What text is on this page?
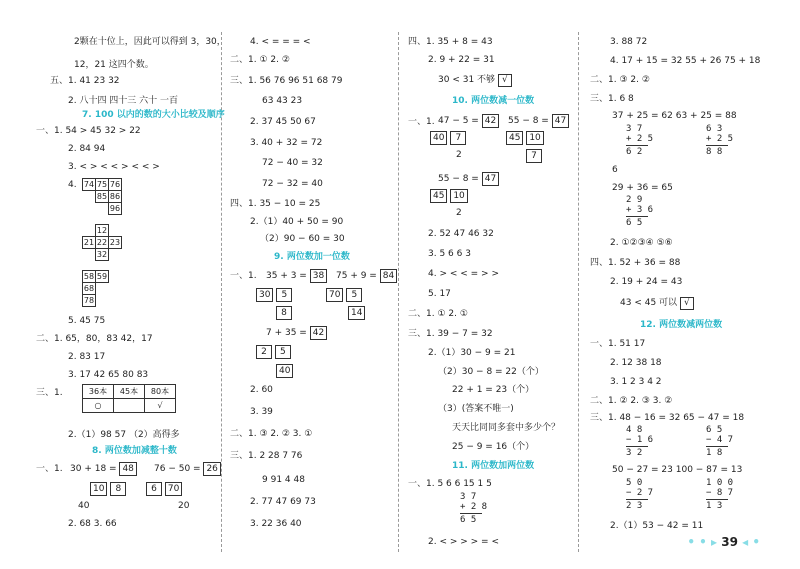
2颗在十位上，因此可以得到 3，30，
12，21 这四个数。
五、1. 41 23 32
2. 八十四 四十三 六十 一百
7. 100 以内的数的大小比较及顺序
一、1. 54 > 45 32 > 22
2. 84 94
3. < > < < > < < >
4. 74	75	76
	85	86
		96
	12	
21	22	23
	32	
58	59
68	
78	
5. 45 75
二、1. 65，80，83 42，17
2. 83 17
3. 17 42 65 80 83
三、1.	36本	45本	80本
○		√
2.（1）98 57 （2）高得多
8. 两位数加减整十数
一、1. 30 + 18 = 48
10 8
40
76 − 50 = 26
6 70
20
2. 68 3. 66
4. < = = = <
二、1. ① 2. ②
三、1. 56 76 96 51 68 79
63 43 23
2. 37 45 50 67
3. 40 + 32 = 72
72 − 40 = 32
72 − 32 = 40
四、1. 35 − 10 = 25
2.（1）40 + 50 = 90
（2）90 − 60 = 30
9. 两位数加一位数
一、1. 35 + 3 = 38
30 5
8
75 + 9 = 84
70 5
14
7 + 35 = 42
2 5
40
2. 60
3. 39
二、1. ③ 2. ② 3. ①
三、1. 2 28 7 76
9 91 4 48
2. 77 47 69 73
3. 22 36 40
四、1. 35 + 8 = 43
2. 9 + 22 = 31
30 < 31 不够 √
10. 两位数减一位数
一、1. 47 − 5 = 42
40 7
2
55 − 8 = 47
45 10
7
55 − 8 = 47
45 10
2
2. 52 47 46 32
3. 5 6 6 3
4. > < < = > >
5. 17
二、1. ① 2. ①
三、1. 39 − 7 = 32
2.（1）30 − 9 = 21
（2）30 − 8 = 22（个）
22 + 1 = 23（个）
（3）(答案不唯一)
天天比同同多套中多少个？
25 − 9 = 16（个）
11. 两位数加两位数
一、1. 5 6 6 15 1 5
3 7
+ 2 8
6 5
2. < > > > = <
3. 88 72
4. 17 + 15 = 32 55 + 26 75 + 18
二、1. ③ 2. ②
三、1. 6 8
37 + 25 = 62 63 + 25 = 88
3 7
+ 2 5
6 2
6 3
+ 2 5
8 8
6
29 + 36 = 65
2 9
+ 3 6
6 5
2. ①②③④ ⑤⑥
四、1. 52 + 36 = 88
2. 19 + 24 = 43
43 < 45 可以 √
12. 两位数减两位数
一、1. 51 17
2. 12 38 18
3. 1 2 3 4 2
二、1. ② 2. ③ 3. ②
三、1. 48 − 16 = 32 65 − 47 = 18
4 8
− 1 6
3 2
6 5
− 4 7
1 8
50 − 27 = 23 100 − 87 = 13
5 0
− 2 7
2 3
1 0 0
− 8 7
1 3
2.（1）53 − 42 = 11
• • ▸ 39 ◂ •
